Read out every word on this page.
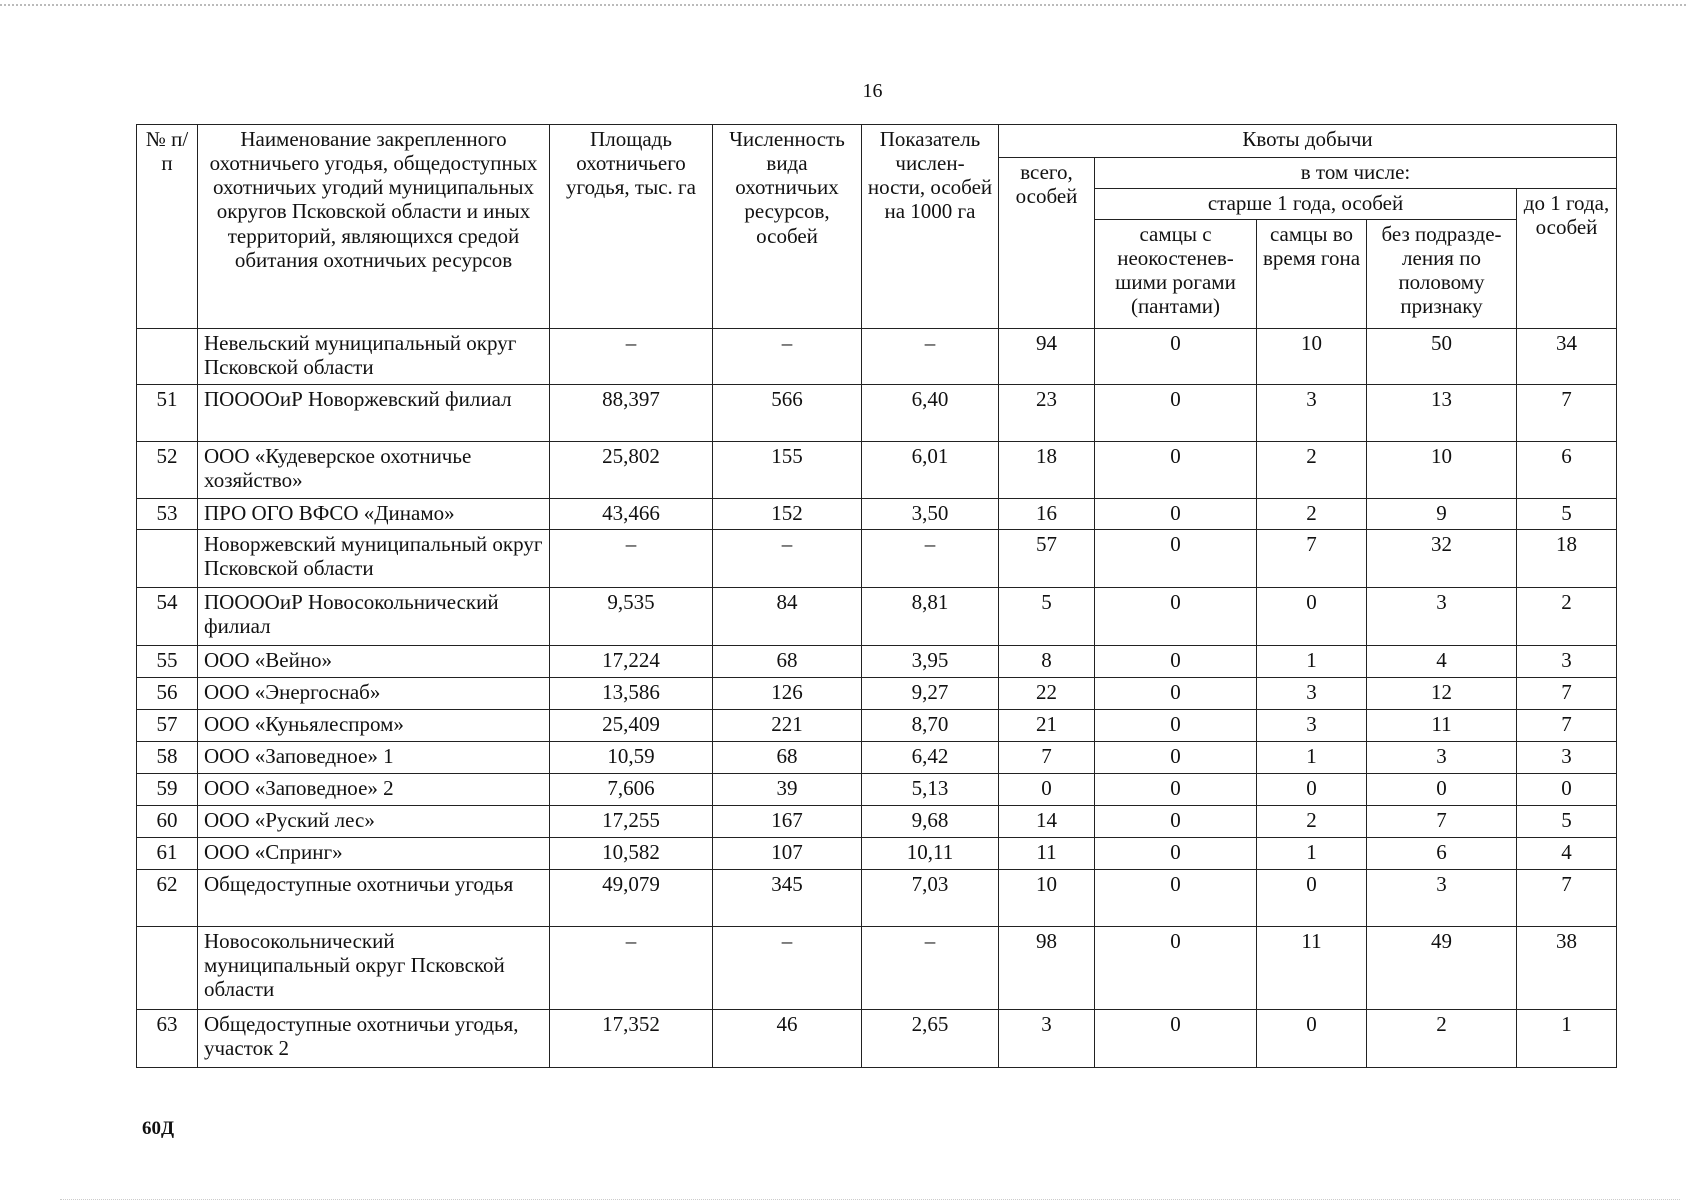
16
№ п/п	Наименование закрепленного охотничьего угодья, общедоступных охотничьих угодий муниципальных округов Псковской области и иных территорий, являющихся средой обитания охотничьих ресурсов	Площадь охотничьего угодья, тыс. га	Численность вида охотничьих ресурсов, особей	Показатель числен-ности, особей на 1000 га	Квоты добычи				
					всего, особей	в том числе:			
						старше 1 года, особей			до 1 года, особей
						самцы с неокостенев-шими рогами (пантами)	самцы во время гона	без подразде-ления по половому признаку	
	Невельский муниципальный округ Псковской области	–	–	–	94	0	10	50	34
51	ПООООиР Новоржевский филиал	88,397	566	6,40	23	0	3	13	7
52	ООО «Кудеверское охотничье хозяйство»	25,802	155	6,01	18	0	2	10	6
53	ПРО ОГО ВФСО «Динамо»	43,466	152	3,50	16	0	2	9	5
	Новоржевский муниципальный округ Псковской области	–	–	–	57	0	7	32	18
54	ПООООиР Новосокольнический филиал	9,535	84	8,81	5	0	0	3	2
55	ООО «Вейно»	17,224	68	3,95	8	0	1	4	3
56	ООО «Энергоснаб»	13,586	126	9,27	22	0	3	12	7
57	ООО «Куньялеспром»	25,409	221	8,70	21	0	3	11	7
58	ООО «Заповедное» 1	10,59	68	6,42	7	0	1	3	3
59	ООО «Заповедное» 2	7,606	39	5,13	0	0	0	0	0
60	ООО «Руский лес»	17,255	167	9,68	14	0	2	7	5
61	ООО «Спринг»	10,582	107	10,11	11	0	1	6	4
62	Общедоступные охотничьи угодья	49,079	345	7,03	10	0	0	3	7
	Новосокольнический муниципальный округ Псковской области	–	–	–	98	0	11	49	38
63	Общедоступные охотничьи угодья, участок 2	17,352	46	2,65	3	0	0	2	1
60Д
